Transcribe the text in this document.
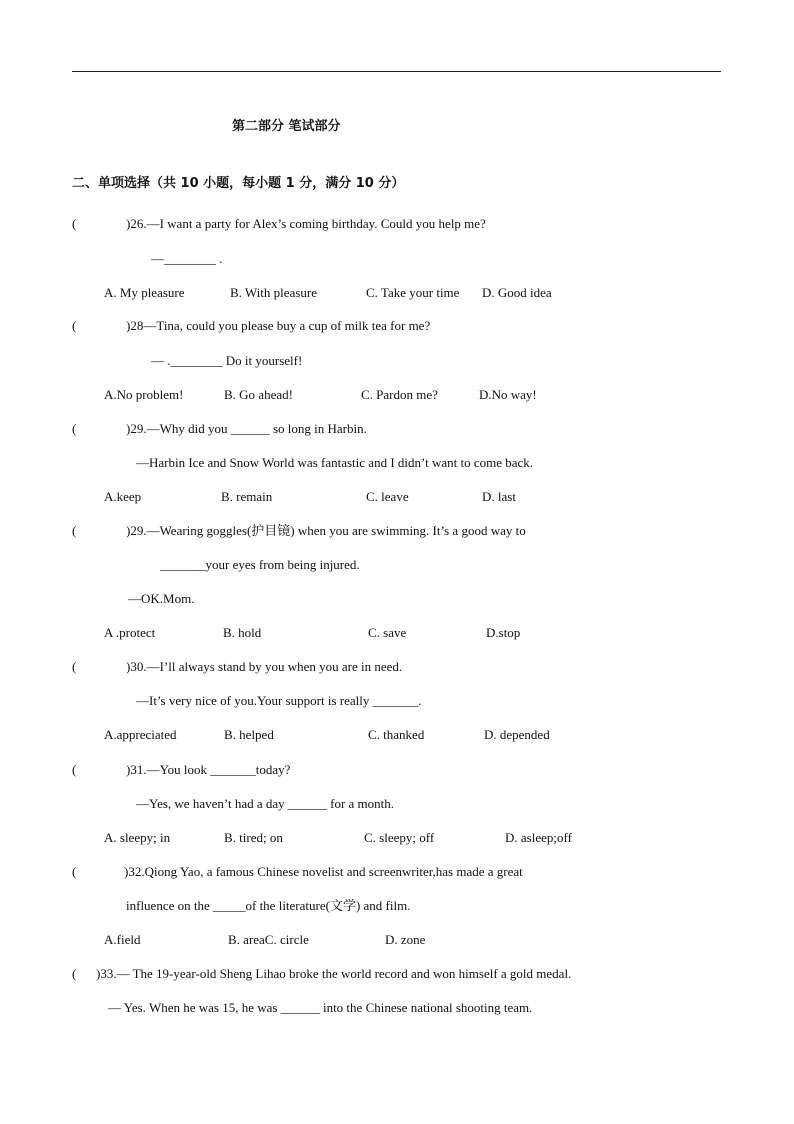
第二部分 笔试部分
二、单项选择（共 10 小题，每小题 1 分，满分 10 分）
(	)26.—I want a party for Alex’s coming birthday. Could you help me?
—________ .
A. My pleasure	B. With pleasure	C. Take your time D. Good idea
(	)28—Tina, could you please buy a cup of milk tea for me?
— .________ Do it yourself!
A.No problem!	B. Go ahead!	C. Pardon me?	D.No way!
(	)29.—Why did you ______ so long in Harbin.
—Harbin Ice and Snow World was fantastic and I didn’t want to come back.
A.keep	B. remain	C. leave	D. last
(	)29.—Wearing goggles(护目镜) when you are swimming. It’s a good way to
_______your eyes from being injured.
—OK.Mom.
A .protect	B. hold	C. save	D.stop
(	)30.—I’ll always stand by you when you are in need.
—It’s very nice of you.Your support is really _______.
A.appreciated	B. helped	C. thanked	D. depended
(	)31.—You look _______today?
—Yes, we haven’t had a day ______ for a month.
A. sleepy; in	B. tired; on	C. sleepy; off	D. asleep;off
(	)32.Qiong Yao, a famous Chinese novelist and screenwriter,has made a great
influence on the _____of the literature(文学) and film.
A.field	B. areaC. circle	D. zone
( )33.— The 19-year-old Sheng Lihao broke the world record and won himself a gold medal.
— Yes. When he was 15, he was ______ into the Chinese national shooting team.
